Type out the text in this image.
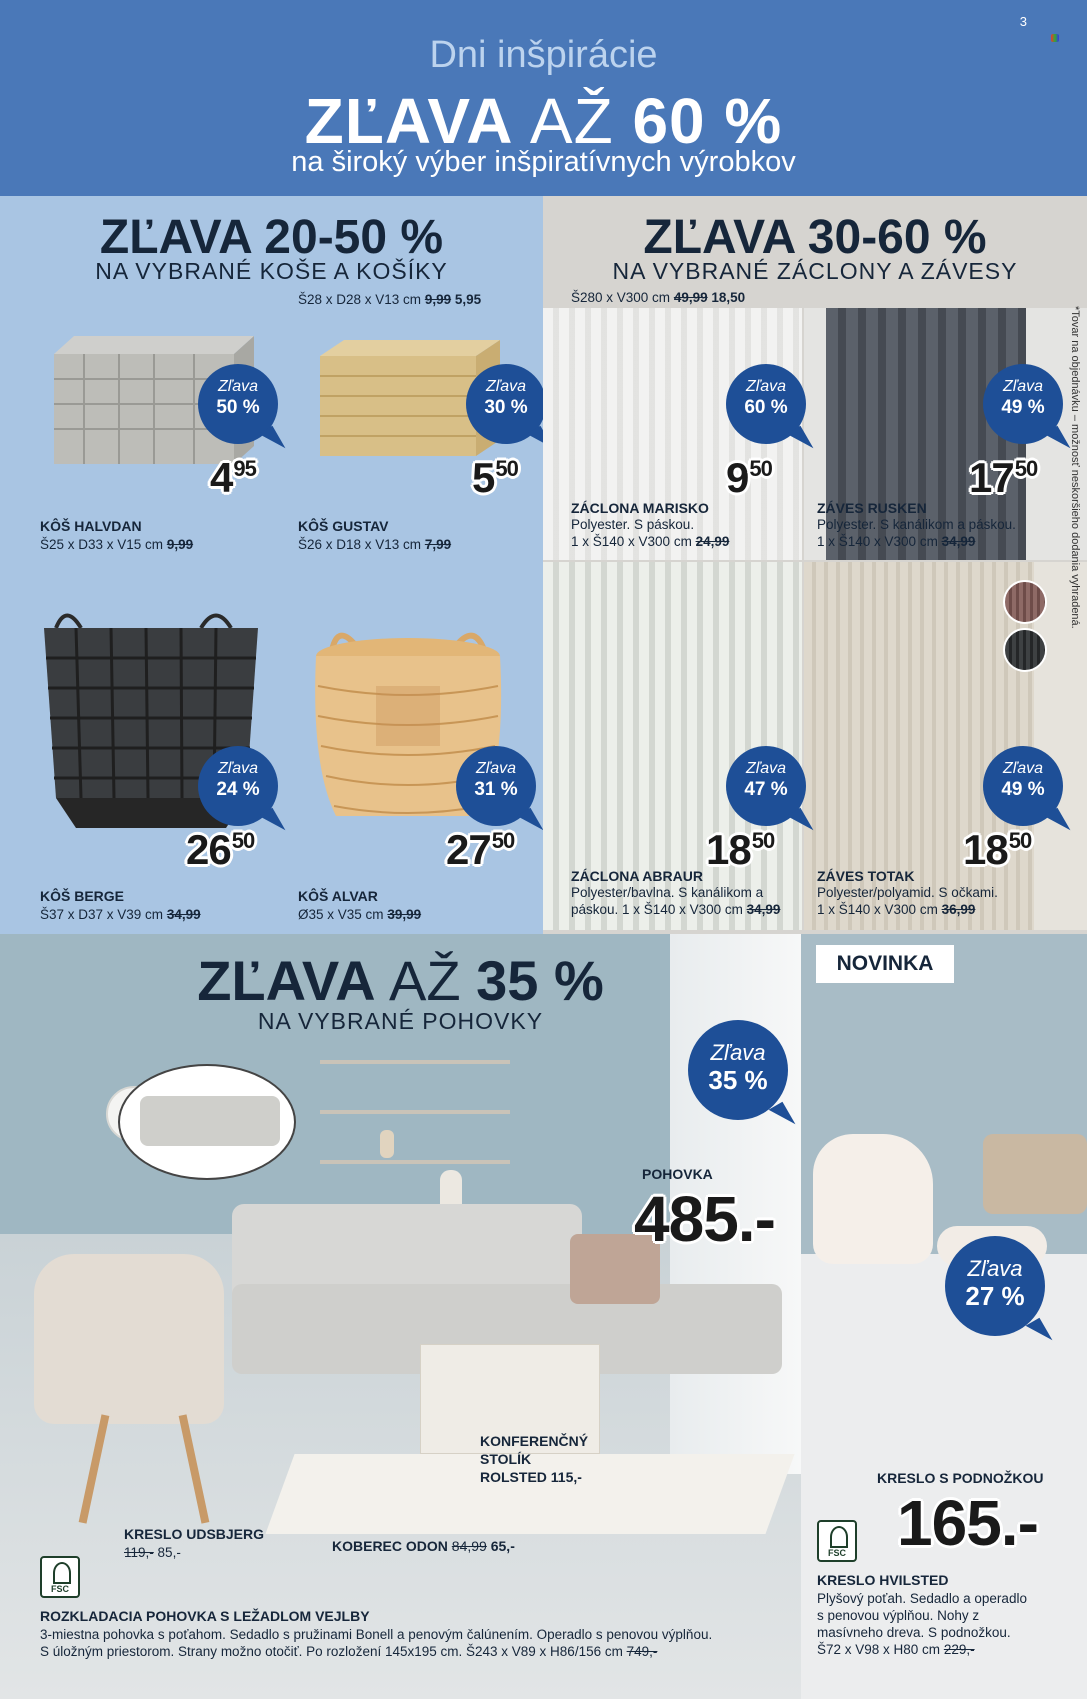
3
Dni inšpirácie
ZĽAVA AŽ 60 %
na široký výber inšpiratívnych výrobkov
ZĽAVA 20-50 %
NA VYBRANÉ KOŠE A KOŠÍKY
Š28 x D28 x V13 cm 9,99 5,95
Zľava
50 %
$4^{95}$
KÔŠ HALVDAN
Š25 x D33 x V15 cm 9,99
Zľava
30 %
$5^{50}$
KÔŠ GUSTAV
Š26 x D18 x V13 cm 7,99
Zľava
24 %
$26^{50}$
KÔŠ BERGE
Š37 x D37 x V39 cm 34,99
Zľava
31 %
$27^{50}$
KÔŠ ALVAR
Ø35 x V35 cm 39,99
ZĽAVA 30-60 %
NA VYBRANÉ ZÁCLONY A ZÁVESY
Š280 x V300 cm 49,99 18,50
Zľava
60 %
$9^{50}$
ZÁCLONA MARISKO
Polyester. S páskou.
1 x Š140 x V300 cm 24,99
Zľava
49 %
$17^{50}$
ZÁVES RUSKEN
Polyester. S kanálikom a páskou.
1 x Š140 x V300 cm 34,99
Zľava
47 %
$18^{50}$
ZÁCLONA ABRAUR
Polyester/bavlna. S kanálikom a
páskou. 1 x Š140 x V300 cm 34,99
Zľava
49 %
$18^{50}$
ZÁVES TOTAK
Polyester/polyamid. S očkami.
1 x Š140 x V300 cm 36,99
*Tovar na objednávku – možnosť neskoršieho dodania vyhradená.
ZĽAVA AŽ 35 %
NA VYBRANÉ POHOVKY
Zľava
35 %
POHOVKA
485.-
KONFERENČNÝ
STOLÍK
ROLSTED 115,-
KOBEREC ODON 84,99 65,-
KRESLO UDSBJERG
119,- 85,-
FSC
ROZKLADACIA POHOVKA S LEŽADLOM VEJLBY
3-miestna pohovka s poťahom. Sedadlo s pružinami Bonell a penovým čalúnením. Operadlo s penovou výplňou.
S úložným priestorom. Strany možno otočiť. Po rozložení 145x195 cm. Š243 x V89 x H86/156 cm 749,-
Zľava
27 %
KRESLO S PODNOŽKOU
165.-
FSC
KRESLO HVILSTED
Plyšový poťah. Sedadlo a operadlo
s penovou výplňou. Nohy z
masívneho dreva. S podnožkou.
Š72 x V98 x H80 cm 229,-
NOVINKA
